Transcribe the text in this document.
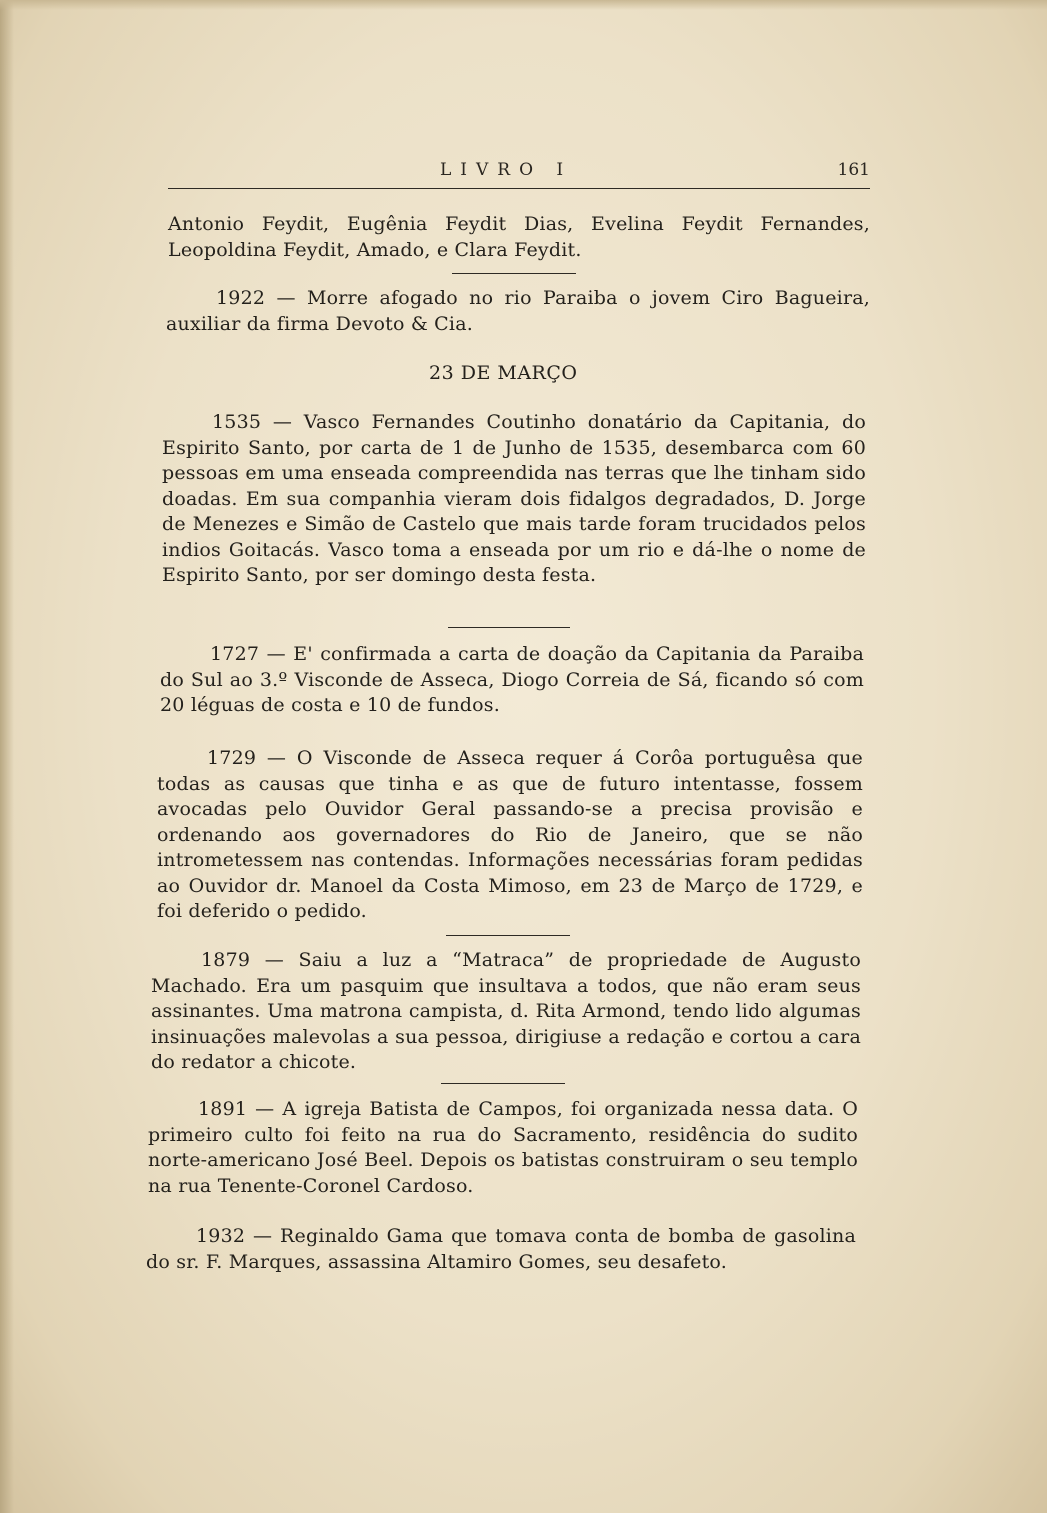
LIVRO I	161

Antonio Feydit, Eugênia Feydit Dias, Evelina Feydit Fernandes, Leopoldina Feydit, Amado, e Clara Feydit.

1922 — Morre afogado no rio Paraiba o jovem Ciro Bagueira, auxiliar da firma Devoto & Cia.

23 DE MARÇO

1535 — Vasco Fernandes Coutinho donatário da Capitania, do Espirito Santo, por carta de 1 de Junho de 1535, desembarca com 60 pessoas em uma enseada compreendida nas terras que lhe tinham sido doadas. Em sua companhia vieram dois fidalgos degradados, D. Jorge de Menezes e Simão de Castelo que mais tarde foram trucidados pelos indios Goitacás. Vasco toma a enseada por um rio e dá-lhe o nome de Espirito Santo, por ser domingo desta festa.

1727 — E' confirmada a carta de doação da Capitania da Paraiba do Sul ao 3.º Visconde de Asseca, Diogo Correia de Sá, ficando só com 20 léguas de costa e 10 de fundos.

1729 — O Visconde de Asseca requer á Corôa portuguêsa que todas as causas que tinha e as que de futuro intentasse, fossem avocadas pelo Ouvidor Geral passando-se a precisa provisão e ordenando aos governadores do Rio de Janeiro, que se não intrometessem nas contendas. Informações necessárias foram pedidas ao Ouvidor dr. Manoel da Costa Mimoso, em 23 de Março de 1729, e foi deferido o pedido.

1879 — Saiu a luz a “Matraca” de propriedade de Augusto Machado. Era um pasquim que insultava a todos, que não eram seus assinantes. Uma matrona campista, d. Rita Armond, tendo lido algumas insinuações malevolas a sua pessoa, dirigiuse a redação e cortou a cara do redator a chicote.

1891 — A igreja Batista de Campos, foi organizada nessa data. O primeiro culto foi feito na rua do Sacramento, residência do sudito norte-americano José Beel. Depois os batistas construiram o seu templo na rua Tenente-Coronel Cardoso.

1932 — Reginaldo Gama que tomava conta de bomba de gasolina do sr. F. Marques, assassina Altamiro Gomes, seu desafeto.
